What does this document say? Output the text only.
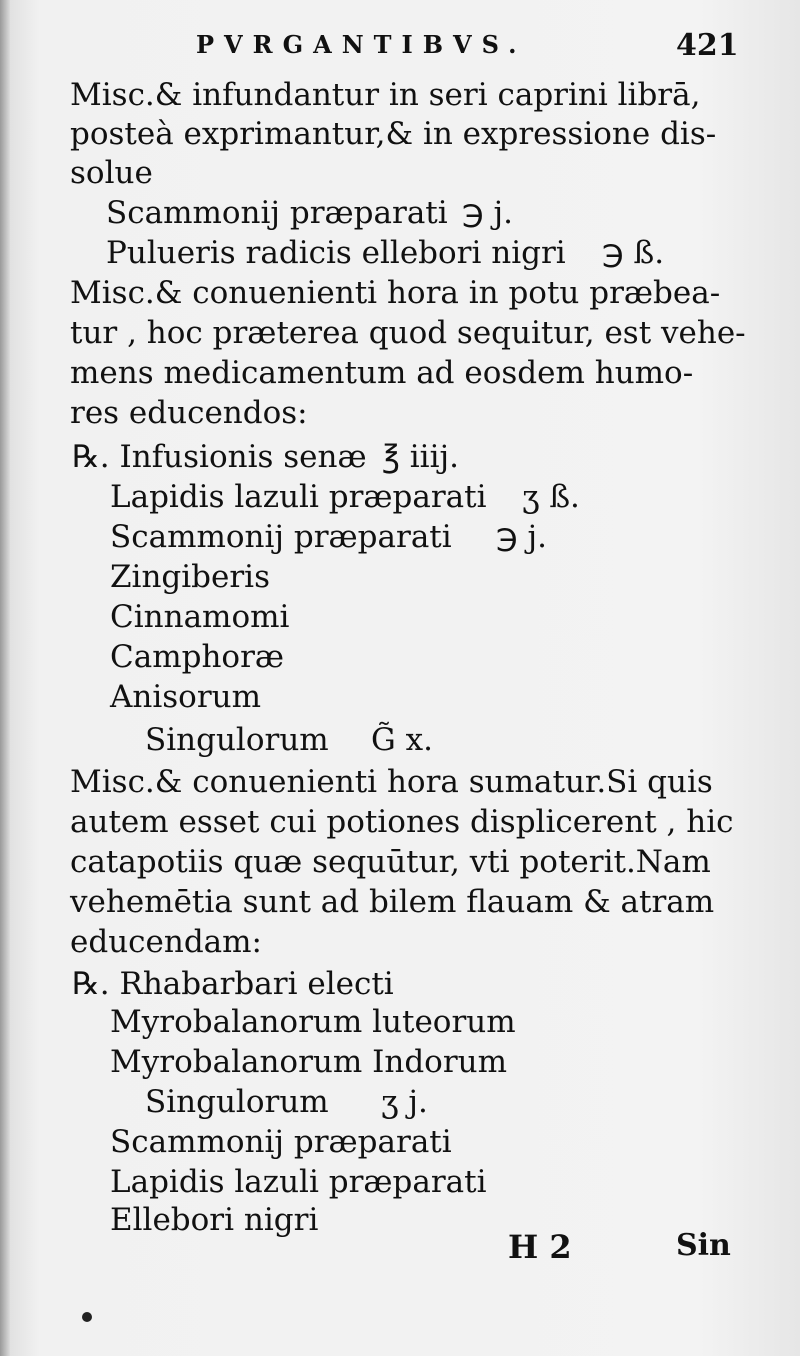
PVRGANTIBVS.	421
Misc.& infundantur in seri caprini librā,
posteà exprimantur,& in expressione dis-
solue
Scammonij præparati ℈ j.
Pulueris radicis ellebori nigri ℈ ß.
Misc.& conuenienti hora in potu præbea-
tur , hoc præterea quod sequitur, est vehe-
mens medicamentum ad eosdem humo-
res educendos:
℞. Infusionis senæ ℥ iiij.
Lapidis lazuli præparati ʒ ß.
Scammonij præparati ℈ j.
Zingiberis
Cinnamomi
Camphoræ
Anisorum
Singulorum G̃ x.
Misc.& conuenienti hora sumatur.Si quis
autem esset cui potiones displicerent , hic
catapotiis quæ sequūtur, vti poterit.Nam
vehemētia sunt ad bilem flauam & atram
educendam:
℞. Rhabarbari electi
Myrobalanorum luteorum
Myrobalanorum Indorum
Singulorum ʒ j.
Scammonij præparati
Lapidis lazuli præparati
Ellebori nigri
H 2	Sin
